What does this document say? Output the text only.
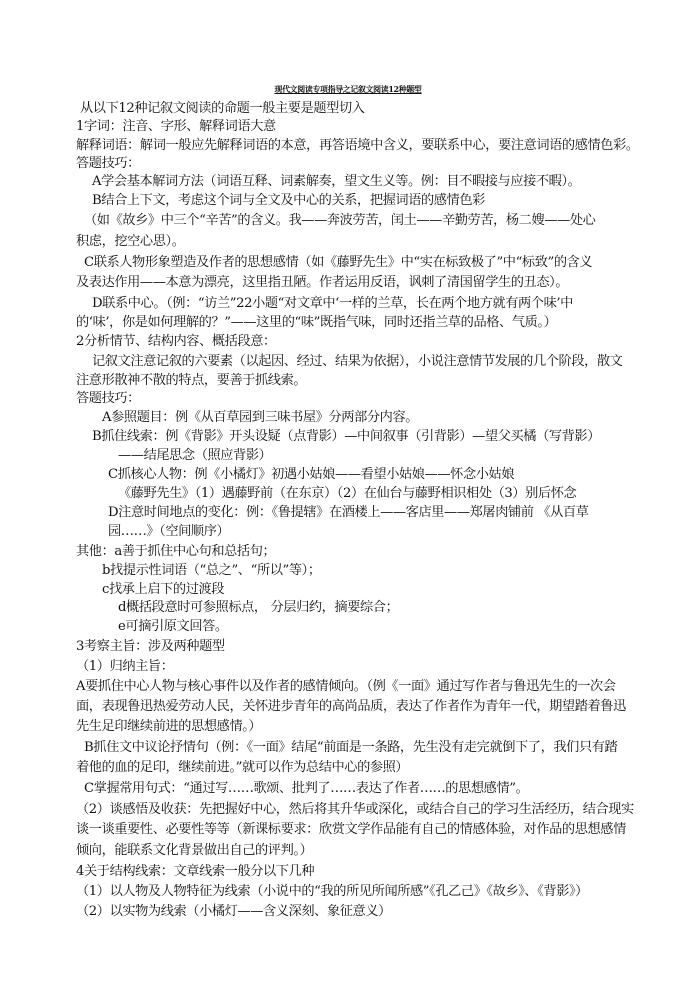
现代文阅读专项指导之记叙文阅读12种题型
从以下12种记叙文阅读的命题一般主要是题型切入
1字词：注音、字形、解释词语大意
解释词语：解词一般应先解释词语的本意，再答语境中含义，要联系中心，要注意词语的感情色彩。
答题技巧：
A学会基本解词方法（词语互释、词素解奏，望文生义等。例：目不暇接与应接不暇）。
B结合上下文，考虑这个词与全文及中心的关系，把握词语的感情色彩
（如《故乡》中三个“辛苦”的含义。我——奔波劳苦，闰土——辛勤劳苦，杨二嫂——处心
积虑，挖空心思）。
C联系人物形象塑造及作者的思想感情（如《藤野先生》中“实在标致极了”中“标致”的含义
及表达作用——本意为漂亮，这里指丑陋。作者运用反语，讽刺了清国留学生的丑态）。
D联系中心。（例：“访兰”22小题“对文章中‘一样的兰草，长在两个地方就有两个味’中
的‘味’，你是如何理解的？”——这里的“味”既指气味，同时还指兰草的品格、气质。）
2分析情节、结构内容、概括段意：
记叙文注意记叙的六要素（以起因、经过、结果为依据），小说注意情节发展的几个阶段，散文
注意形散神不散的特点，要善于抓线索。
答题技巧：
A参照题目：例《从百草园到三味书屋》分两部分内容。
B抓住线索：例《背影》开头设疑（点背影）—中间叙事（引背影）—望父买橘（写背影）
——结尾思念（照应背影）
C抓核心人物：例《小橘灯》初遇小姑娘——看望小姑娘——怀念小姑娘
《藤野先生》（1）遇藤野前（在东京）（2）在仙台与藤野相识相处（3）别后怀念
D注意时间地点的变化：例：《鲁提辖》在酒楼上——客店里——郑屠肉铺前 《从百草
园……》（空间顺序）
其他：a善于抓住中心句和总括句；
b找提示性词语（“总之”、“所以”等）；
c找承上启下的过渡段
d概括段意时可参照标点， 分层归约，摘要综合；
e可摘引原文回答。
3考察主旨：涉及两种题型
（1）归纳主旨：
A要抓住中心人物与核心事件以及作者的感情倾向。（例《一面》通过写作者与鲁迅先生的一次会
面，表现鲁迅热爱劳动人民，关怀进步青年的高尚品质，表达了作者作为青年一代，期望踏着鲁迅
先生足印继续前进的思想感情。）
B抓住文中议论抒情句（例：《一面》结尾“前面是一条路，先生没有走完就倒下了，我们只有踏
着他的血的足印，继续前进。”就可以作为总结中心的参照）
C掌握常用句式：“通过写……歌颂、批判了……表达了作者……的思想感情”。
（2）谈感悟及收获：先把握好中心，然后将其升华或深化，或结合自己的学习生活经历，结合现实
谈一谈重要性、必要性等等（新课标要求：欣赏文学作品能有自己的情感体验，对作品的思想感情
倾向，能联系文化背景做出自己的评判。）
4关于结构线索：文章线索一般分以下几种
（1）以人物及人物特征为线索（小说中的“我的所见所闻所感”《孔乙己》《故乡》、《背影》）
（2）以实物为线索（小橘灯——含义深刻、象征意义）
